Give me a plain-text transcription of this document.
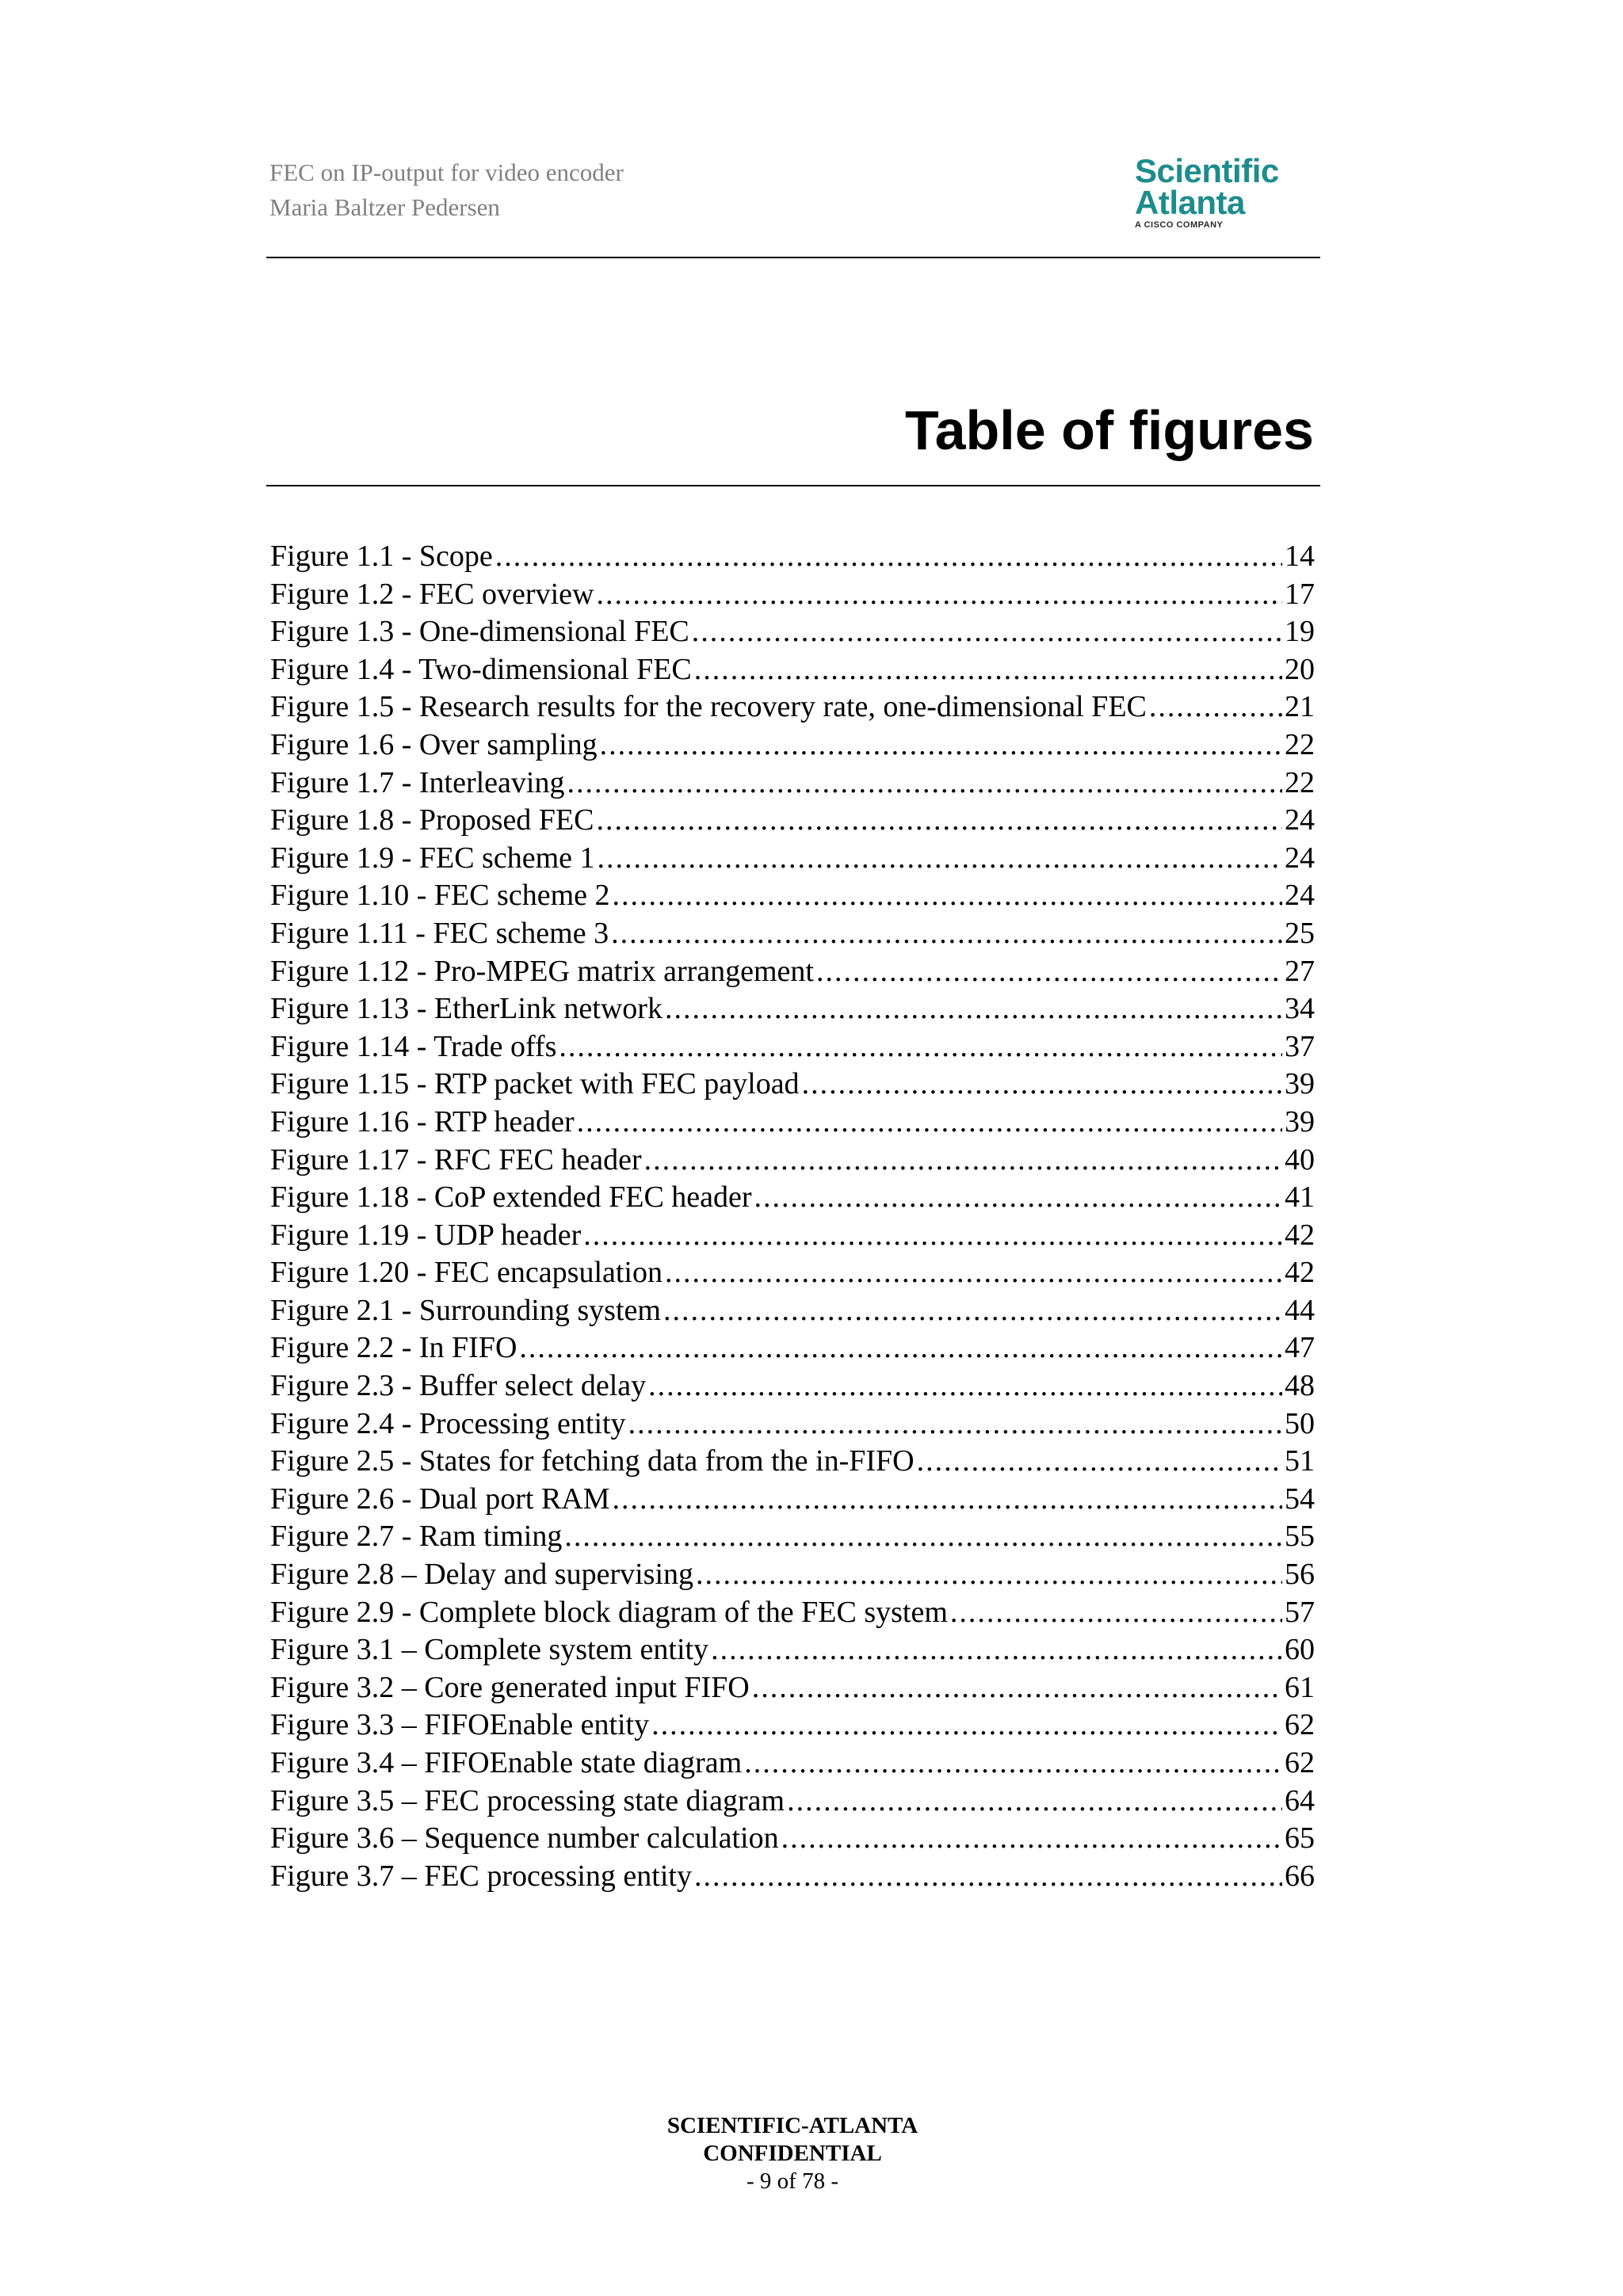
FEC on IP-output for video encoder
Maria Baltzer Pedersen
Scientific
Atlanta
A CISCO COMPANY
Table of figures
Figure 1.1 - Scope .....	14
Figure 1.2 - FEC overview .....	17
Figure 1.3 - One-dimensional FEC .....	19
Figure 1.4 - Two-dimensional FEC .....	20
Figure 1.5 - Research results for the recovery rate, one-dimensional FEC .....	21
Figure 1.6 - Over sampling .....	22
Figure 1.7 - Interleaving .....	22
Figure 1.8 - Proposed FEC .....	24
Figure 1.9 - FEC scheme 1 .....	24
Figure 1.10 - FEC scheme 2 .....	24
Figure 1.11 - FEC scheme 3 .....	25
Figure 1.12 - Pro-MPEG matrix arrangement .....	27
Figure 1.13 - EtherLink network .....	34
Figure 1.14 - Trade offs .....	37
Figure 1.15 - RTP packet with FEC payload .....	39
Figure 1.16 - RTP header .....	39
Figure 1.17 - RFC FEC header .....	40
Figure 1.18 - CoP extended FEC header .....	41
Figure 1.19 - UDP header .....	42
Figure 1.20 - FEC encapsulation .....	42
Figure 2.1 - Surrounding system .....	44
Figure 2.2 - In FIFO .....	47
Figure 2.3 - Buffer select delay .....	48
Figure 2.4 - Processing entity .....	50
Figure 2.5 - States for fetching data from the in-FIFO .....	51
Figure 2.6 - Dual port RAM .....	54
Figure 2.7 - Ram timing .....	55
Figure 2.8 – Delay and supervising .....	56
Figure 2.9 - Complete block diagram of the FEC system .....	57
Figure 3.1 – Complete system entity .....	60
Figure 3.2 – Core generated input FIFO .....	61
Figure 3.3 – FIFOEnable entity .....	62
Figure 3.4 – FIFOEnable state diagram .....	62
Figure 3.5 – FEC processing state diagram .....	64
Figure 3.6 – Sequence number calculation .....	65
Figure 3.7 – FEC processing entity .....	66
SCIENTIFIC-ATLANTA
CONFIDENTIAL
- 9 of 78 -
